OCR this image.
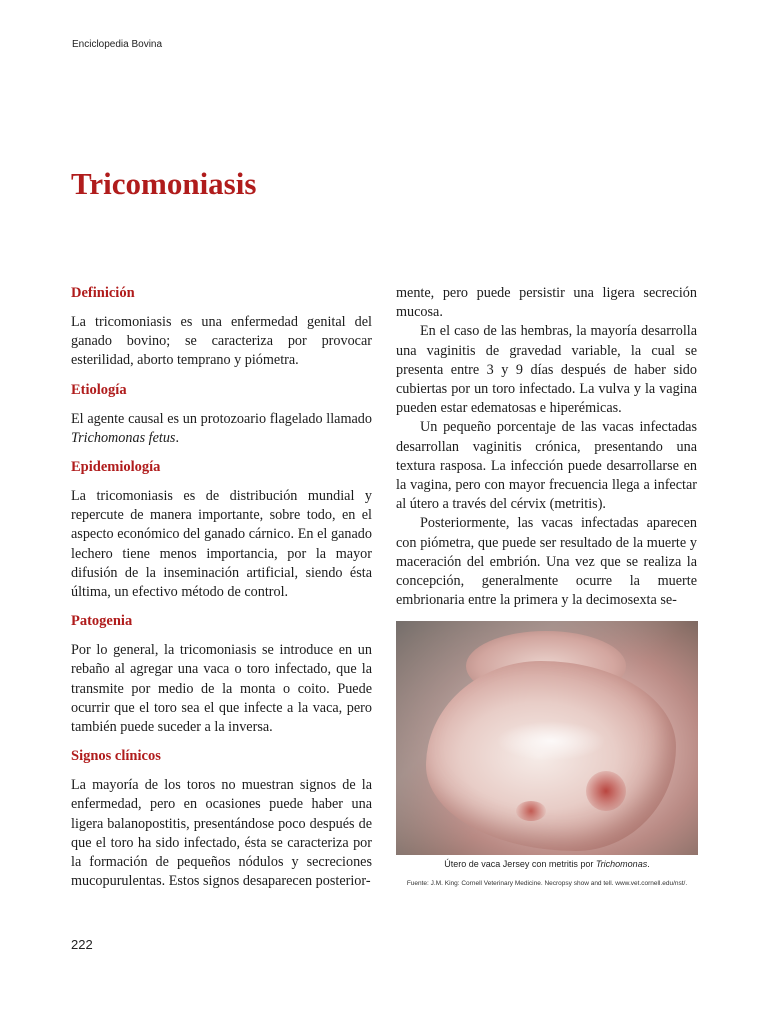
Enciclopedia Bovina
Tricomoniasis
Definición

La tricomoniasis es una enfermedad genital del ganado bovino; se caracteriza por provocar esterilidad, aborto temprano y piómetra.

Etiología

El agente causal es un protozoario flagelado llamado Trichomonas fetus.

Epidemiología

La tricomoniasis es de distribución mundial y repercute de manera importante, sobre todo, en el aspecto económico del ganado cárnico. En el ganado lechero tiene menos importancia, por la mayor difusión de la inseminación artificial, siendo ésta última, un efectivo método de control.

Patogenia

Por lo general, la tricomoniasis se introduce en un rebaño al agregar una vaca o toro infectado, que la transmite por medio de la monta o coito. Puede ocurrir que el toro sea el que infecte a la vaca, pero también puede suceder a la inversa.

Signos clínicos

La mayoría de los toros no muestran signos de la enfermedad, pero en ocasiones puede haber una ligera balanopostitis, presentándose poco después de que el toro ha sido infectado, ésta se caracteriza por la formación de pequeños nódulos y secreciones mucopurulentas. Estos signos desaparecen posterior-

mente, pero puede persistir una ligera secreción mucosa.

En el caso de las hembras, la mayoría desarrolla una vaginitis de gravedad variable, la cual se presenta entre 3 y 9 días después de haber sido cubiertas por un toro infectado. La vulva y la vagina pueden estar edematosas e hiperémicas.

Un pequeño porcentaje de las vacas infectadas desarrollan vaginitis crónica, presentando una textura rasposa. La infección puede desarrollarse en la vagina, pero con mayor frecuencia llega a infectar al útero a través del cérvix (metritis).

Posteriormente, las vacas infectadas aparecen con piómetra, que puede ser resultado de la muerte y maceración del embrión. Una vez que se realiza la concepción, generalmente ocurre la muerte embrionaria entre la primera y la decimosexta se-

Útero de vaca Jersey con metritis por Trichomonas.
Fuente: J.M. King: Cornell Veterinary Medicine. Necropsy show and tell. www.vet.cornell.edu/nst/.
222
